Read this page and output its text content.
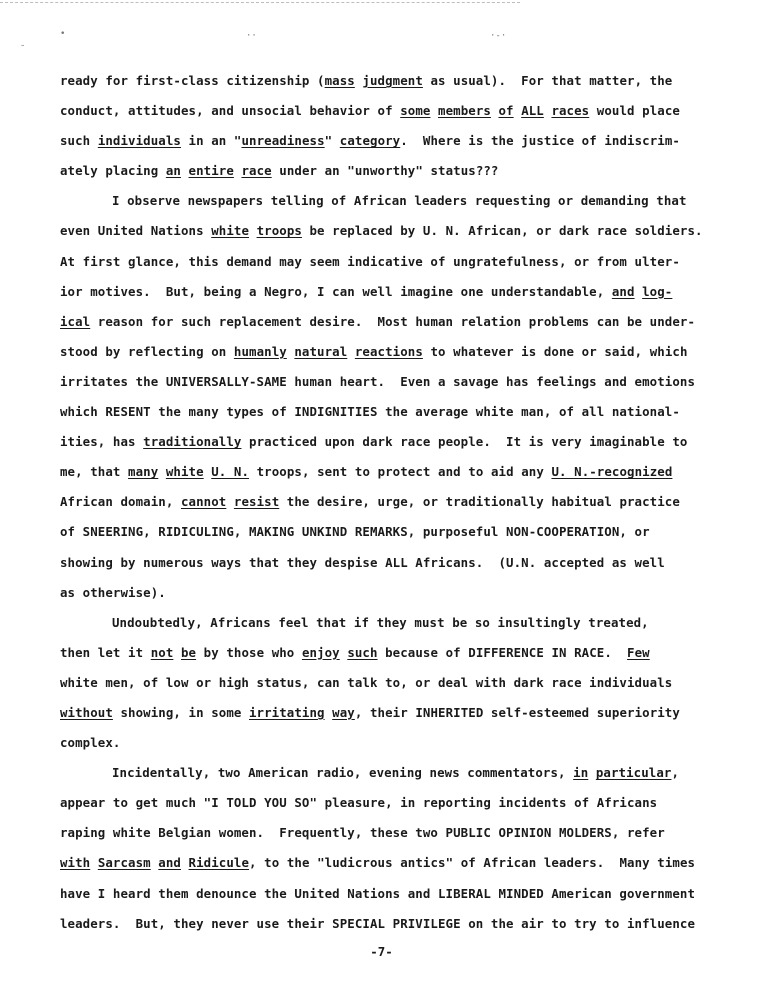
•
˘
··	·-·
ready for first-class citizenship (mass judgment as usual).  For that matter, the
conduct, attitudes, and unsocial behavior of some members of ALL races would place
such individuals in an "unreadiness" category.  Where is the justice of indiscrim-
ately placing an entire race under an "unworthy" status???
I observe newspapers telling of African leaders requesting or demanding that
even United Nations white troops be replaced by U. N. African, or dark race soldiers.
At first glance, this demand may seem indicative of ungratefulness, or from ulter-
ior motives.  But, being a Negro, I can well imagine one understandable, and log-
ical reason for such replacement desire.  Most human relation problems can be under-
stood by reflecting on humanly natural reactions to whatever is done or said, which
irritates the UNIVERSALLY-SAME human heart.  Even a savage has feelings and emotions
which RESENT the many types of INDIGNITIES the average white man, of all national-
ities, has traditionally practiced upon dark race people.  It is very imaginable to
me, that many white U. N. troops, sent to protect and to aid any U. N.-recognized
African domain, cannot resist the desire, urge, or traditionally habitual practice
of SNEERING, RIDICULING, MAKING UNKIND REMARKS, purposeful NON-COOPERATION, or
showing by numerous ways that they despise ALL Africans.  (U.N. accepted as well
as otherwise).
Undoubtedly, Africans feel that if they must be so insultingly treated,
then let it not be by those who enjoy such because of DIFFERENCE IN RACE.  Few
white men, of low or high status, can talk to, or deal with dark race individuals
without showing, in some irritating way, their INHERITED self-esteemed superiority
complex.
Incidentally, two American radio, evening news commentators, in particular,
appear to get much "I TOLD YOU SO" pleasure, in reporting incidents of Africans
raping white Belgian women.  Frequently, these two PUBLIC OPINION MOLDERS, refer
with Sarcasm and Ridicule, to the "ludicrous antics" of African leaders.  Many times
have I heard them denounce the United Nations and LIBERAL MINDED American government
leaders.  But, they never use their SPECIAL PRIVILEGE on the air to try to influence
-7-
